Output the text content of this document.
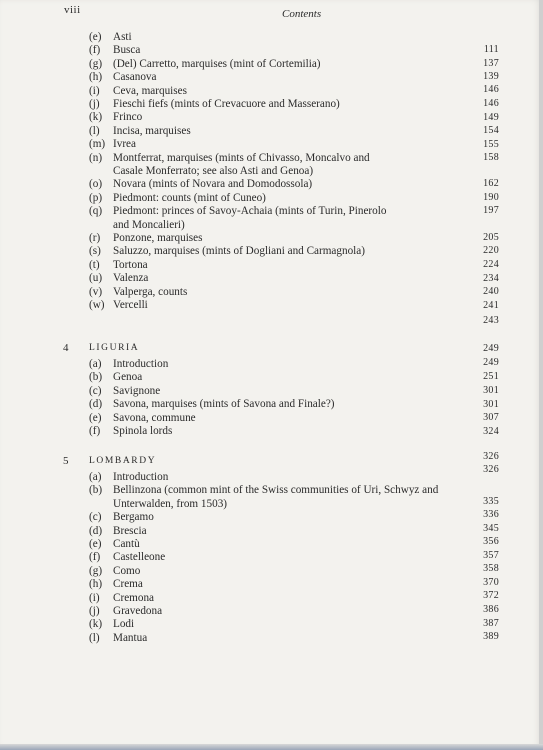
viii	Contents
(e) Asti
(f) Busca
(g) (Del) Carretto, marquises (mint of Cortemilia)
(h) Casanova
(i) Ceva, marquises
(j) Fieschi fiefs (mints of Crevacuore and Masserano)
(k) Frinco
(l) Incisa, marquises
(m) Ivrea
(n) Montferrat, marquises (mints of Chivasso, Moncalvo and
Casale Monferrato; see also Asti and Genoa)
(o) Novara (mints of Novara and Domodossola)
(p) Piedmont: counts (mint of Cuneo)
(q) Piedmont: princes of Savoy-Achaia (mints of Turin, Pinerolo
and Moncalieri)
(r) Ponzone, marquises
(s) Saluzzo, marquises (mints of Dogliani and Carmagnola)
(t) Tortona
(u) Valenza
(v) Valperga, counts
(w) Vercelli
4 LIGURIA
(a) Introduction
(b) Genoa
(c) Savignone
(d) Savona, marquises (mints of Savona and Finale?)
(e) Savona, commune
(f) Spinola lords
5 LOMBARDY
(a) Introduction
(b) Bellinzona (common mint of the Swiss communities of Uri, Schwyz and
Unterwalden, from 1503)
(c) Bergamo
(d) Brescia
(e) Cantù
(f) Castelleone
(g) Como
(h) Crema
(i) Cremona
(j) Gravedona
(k) Lodi
(l) Mantua
111
137
139
146
146
149
154
155
158
162
190
197
205
220
224
234
240
241
243
249
249
251
301
301
307
324
326
326
335
336
345
356
357
358
370
372
386
387
389
